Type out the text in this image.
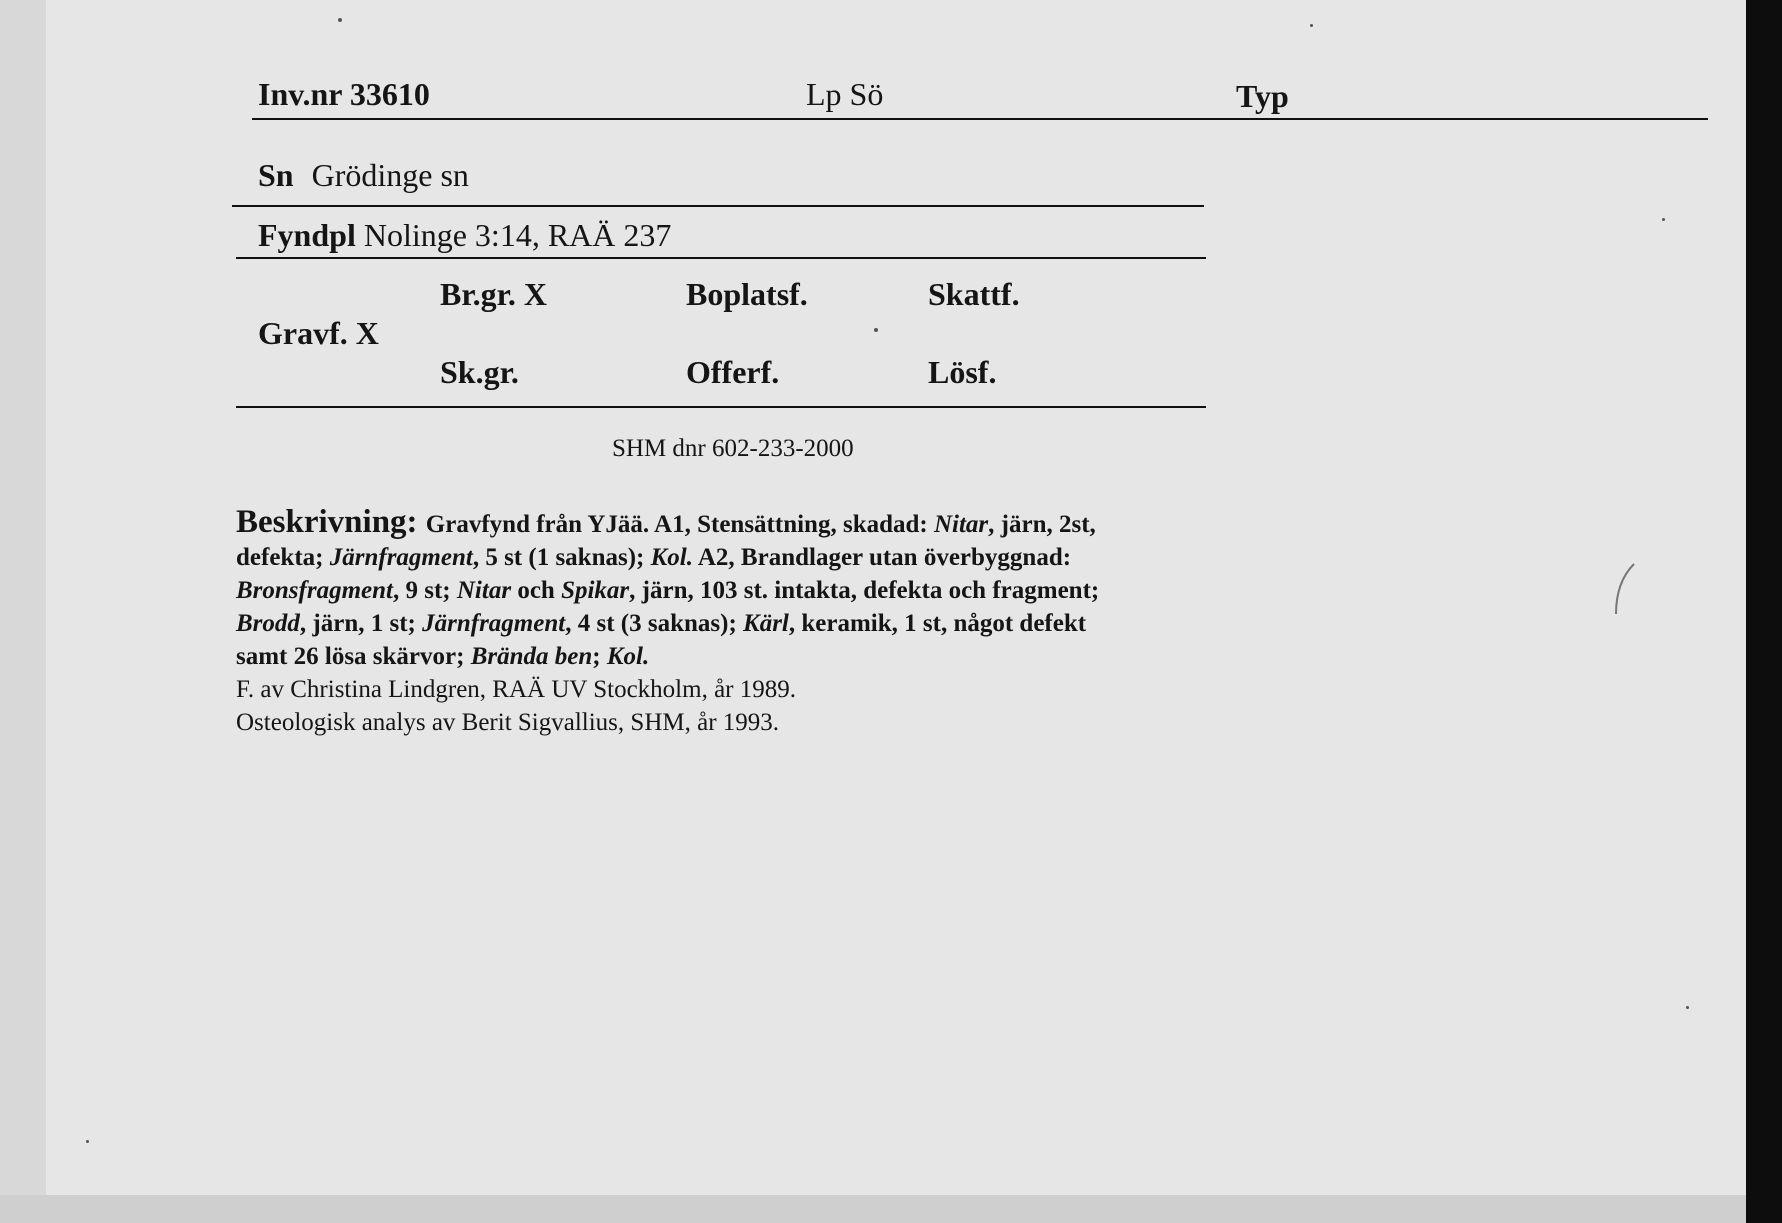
Inv.nr 33610	Lp Sö	Typ
Sn Grödinge sn
Fyndpl Nolinge 3:14, RAÄ 237
Br.gr. X	Boplatsf.	Skattf.
Gravf. X
Sk.gr.	Offerf.	Lösf.
SHM dnr 602-233-2000
Beskrivning: Gravfynd från YJää. A1, Stensättning, skadad: Nitar, järn, 2st,
defekta; Järnfragment, 5 st (1 saknas); Kol. A2, Brandlager utan överbyggnad:
Bronsfragment, 9 st; Nitar och Spikar, järn, 103 st. intakta, defekta och fragment;
Brodd, järn, 1 st; Järnfragment, 4 st (3 saknas); Kärl, keramik, 1 st, något defekt
samt 26 lösa skärvor; Brända ben; Kol.
F. av Christina Lindgren, RAÄ UV Stockholm, år 1989.
Osteologisk analys av Berit Sigvallius, SHM, år 1993.
